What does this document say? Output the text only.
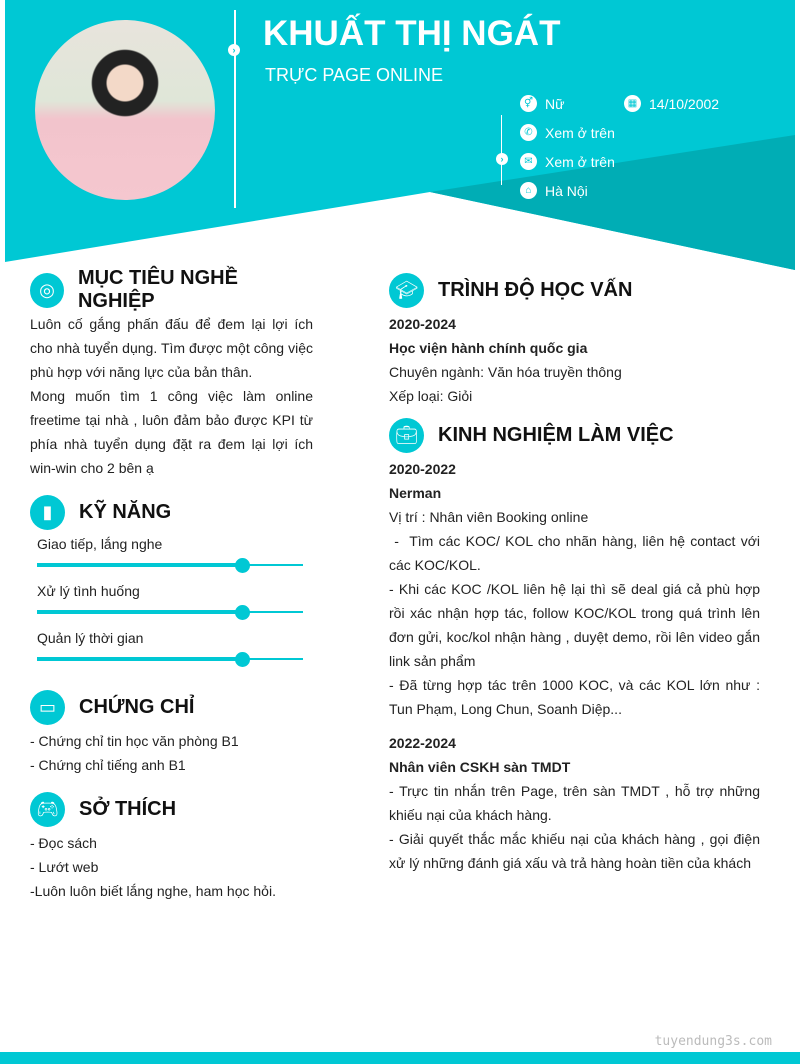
› KHUẤT THỊ NGÁT
TRỰC PAGE ONLINE
›
⚥ Nữ	▦ 14/10/2002
✆ Xem ở trên
✉ Xem ở trên
⌂ Hà Nội
◎
MỤC TIÊU NGHỀ NGHIỆP

Luôn cố gắng phấn đấu để đem lại lợi ích cho nhà tuyển dụng. Tìm được một công việc phù hợp với năng lực của bản thân.

Mong muốn tìm 1 công việc làm online freetime tại nhà , luôn đảm bảo được KPI từ phía nhà tuyển dụng đặt ra đem lại lợi ích win-win cho 2 bên ạ

▮	KỸ NĂNG

Giao tiếp, lắng nghe

Xử lý tình huống

Quản lý thời gian

▭	CHỨNG CHỈ

- Chứng chỉ tin học văn phòng B1

- Chứng chỉ tiếng anh B1

🎮︎	SỞ THÍCH

- Đọc sách

- Lướt web

-Luôn luôn biết lắng nghe, ham học hỏi.

🎓︎	TRÌNH ĐỘ HỌC VẤN

2020-2024

Học viện hành chính quốc gia

Chuyên ngành: Văn hóa truyền thông

Xếp loại: Giỏi

💼︎	KINH NGHIỆM LÀM VIỆC

2020-2022

Nerman

Vị trí : Nhân viên Booking online

-  Tìm các KOC/ KOL cho nhãn hàng, liên hệ contact với các KOC/KOL.

- Khi các KOC /KOL liên hệ lại thì sẽ deal giá cả phù hợp rồi xác nhận hợp tác, follow KOC/KOL trong quá trình lên đơn gửi, koc/kol nhận hàng , duyệt demo, rồi lên video gắn link sản phẩm

- Đã từng hợp tác trên 1000 KOC, và các KOL lớn như : Tun Phạm, Long Chun, Soanh Diệp...

2022-2024

Nhân viên CSKH sàn TMDT

- Trực tin nhắn trên Page, trên sàn TMDT , hỗ trợ những khiếu nại của khách hàng.

- Giải quyết thắc mắc khiếu nại của khách hàng , gọi điện xử lý những đánh giá xấu và trả hàng hoàn tiền của khách

tuyendung3s.com
